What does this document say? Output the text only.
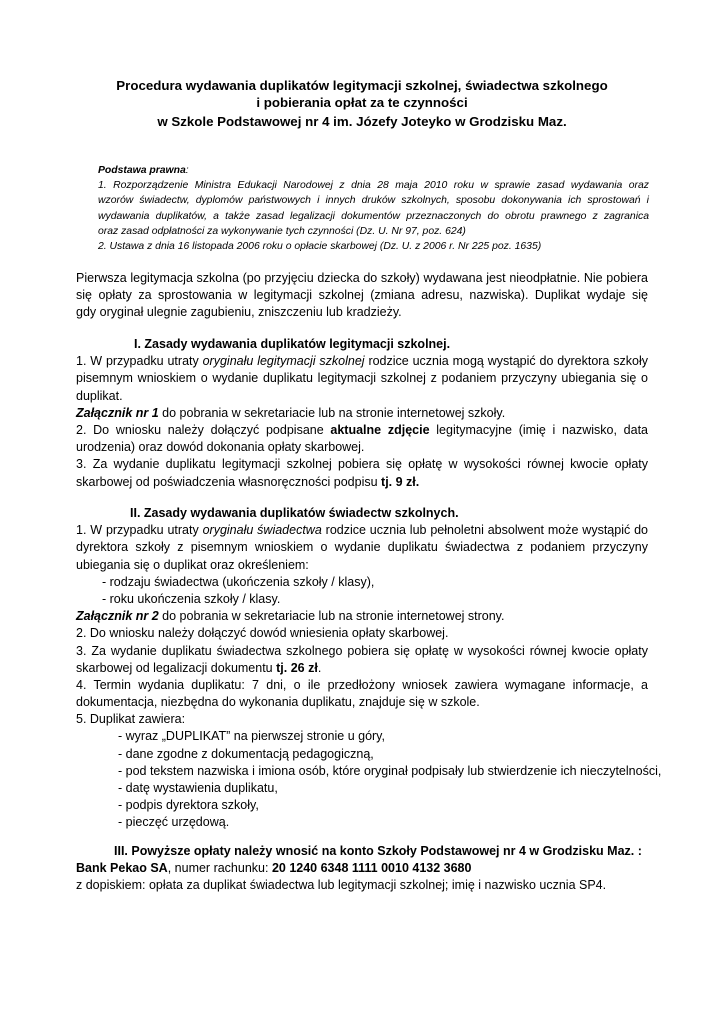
Procedura wydawania duplikatów legitymacji szkolnej, świadectwa szkolnego
i pobierania opłat za te czynności
w Szkole Podstawowej nr 4 im. Józefy Joteyko w Grodzisku Maz.
Podstawa prawna:
1. Rozporządzenie Ministra Edukacji Narodowej z dnia 28 maja 2010 roku w sprawie zasad wydawania oraz
wzorów świadectw, dyplomów państwowych i innych druków szkolnych, sposobu dokonywania ich sprostowań i
wydawania duplikatów, a także zasad legalizacji dokumentów przeznaczonych do obrotu prawnego z zagranica
oraz zasad odpłatności za wykonywanie tych czynności (Dz. U. Nr 97, poz. 624)
2. Ustawa z dnia 16 listopada 2006 roku o opłacie skarbowej (Dz. U. z 2006 r. Nr 225 poz. 1635)
Pierwsza legitymacja szkolna (po przyjęciu dziecka do szkoły) wydawana jest nieodpłatnie. Nie pobiera
się opłaty za sprostowania w legitymacji szkolnej (zmiana adresu, nazwiska). Duplikat wydaje się
gdy oryginał ulegnie zagubieniu, zniszczeniu lub kradzieży.
I. Zasady wydawania duplikatów legitymacji szkolnej.
1. W przypadku utraty oryginału legitymacji szkolnej rodzice ucznia mogą wystąpić do dyrektora szkoły
pisemnym wnioskiem o wydanie duplikatu legitymacji szkolnej z podaniem przyczyny ubiegania się o
duplikat.
Załącznik nr 1 do pobrania w sekretariacie lub na stronie internetowej szkoły.
2. Do wniosku należy dołączyć podpisane aktualne zdjęcie legitymacyjne (imię i nazwisko, data
urodzenia) oraz dowód dokonania opłaty skarbowej.
3. Za wydanie duplikatu legitymacji szkolnej pobiera się opłatę w wysokości równej kwocie opłaty
skarbowej od poświadczenia własnoręczności podpisu tj. 9 zł.
II. Zasady wydawania duplikatów świadectw szkolnych.
1. W przypadku utraty oryginału świadectwa rodzice ucznia lub pełnoletni absolwent może wystąpić do
dyrektora szkoły z pisemnym wnioskiem o wydanie duplikatu świadectwa z podaniem przyczyny
ubiegania się o duplikat oraz określeniem:
- rodzaju świadectwa (ukończenia szkoły / klasy),
- roku ukończenia szkoły / klasy.
Załącznik nr 2 do pobrania w sekretariacie lub na stronie internetowej strony.
2. Do wniosku należy dołączyć dowód wniesienia opłaty skarbowej.
3. Za wydanie duplikatu świadectwa szkolnego pobiera się opłatę w wysokości równej kwocie opłaty
skarbowej od legalizacji dokumentu tj. 26 zł.
4. Termin wydania duplikatu: 7 dni, o ile przedłożony wniosek zawiera wymagane informacje, a
dokumentacja, niezbędna do wykonania duplikatu, znajduje się w szkole.
5. Duplikat zawiera:
- wyraz „DUPLIKAT” na pierwszej stronie u góry,
- dane zgodne z dokumentacją pedagogiczną,
- pod tekstem nazwiska i imiona osób, które oryginał podpisały lub stwierdzenie ich nieczytelności,
- datę wystawienia duplikatu,
- podpis dyrektora szkoły,
- pieczęć urzędową.
III. Powyższe opłaty należy wnosić na konto Szkoły Podstawowej nr 4 w Grodzisku Maz. :
Bank Pekao SA, numer rachunku: 20 1240 6348 1111 0010 4132 3680
z dopiskiem: opłata za duplikat świadectwa lub legitymacji szkolnej; imię i nazwisko ucznia SP4.
